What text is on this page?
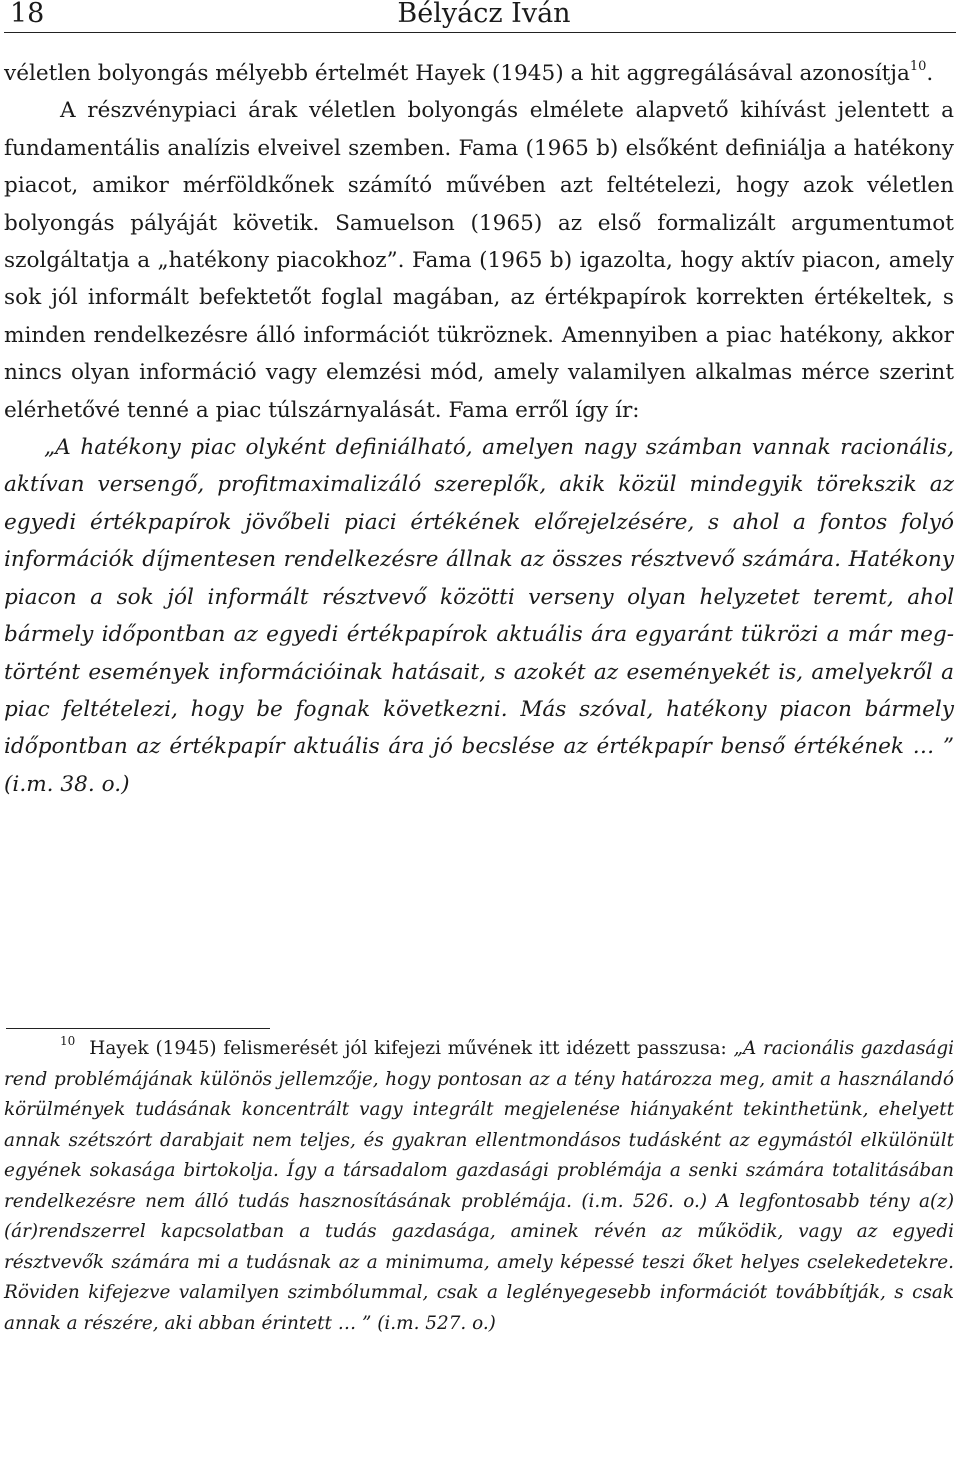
18	Bélyácz Iván

véletlen bolyongás mélyebb értelmét Hayek (1945) a hit aggregálásával azonosítja$^{10}$.

A részvénypiaci árak véletlen bolyongás elmélete alapvető kihívást jelentett a fundamentális analízis elveivel szemben. Fama (1965 b) elsőként definiálja a hatékony piacot, amikor mérföldkőnek számító művében azt feltételezi, hogy azok véletlen bolyongás pályáját követik. Samuelson (1965) az első formalizált argumentumot szolgáltatja a „hatékony piacokhoz”. Fama (1965 b) igazolta, hogy aktív piacon, amely sok jól informált befektetőt foglal magában, az értékpapírok korrekten értékeltek, s minden rendelkezésre álló információt tükröznek. Amennyiben a piac hatékony, akkor nincs olyan információ vagy elemzési mód, amely valamilyen alkalmas mérce szerint elérhetővé tenné a piac túlszárnyalását. Fama erről így ír:

„A hatékony piac olyként definiálható, amelyen nagy számban vannak racionális, aktívan versengő, profitmaximalizáló szereplők, akik közül mindegyik törekszik az egyedi értékpapírok jövőbeli piaci értékének előrejelzésére, s ahol a fontos folyó információk díjmentesen rendelkezésre állnak az összes résztvevő számára. Hatékony piacon a sok jól informált résztvevő közötti verseny olyan helyzetet teremt, ahol bármely időpontban az egyedi értékpapírok aktuális ára egyaránt tükrözi a már megtörtént események információinak hatásait, s azokét az eseményekét is, amelyekről a piac feltételezi, hogy be fognak következni. Más szóval, hatékony piacon bármely időpontban az értékpapír aktuális ára jó becslése az értékpapír benső értékének … ” (i.m. 38. o.)

$^{10}$ Hayek (1945) felismerését jól kifejezi művének itt idézett passzusa: „A racionális gazdasági rend problémájának különös jellemzője, hogy pontosan az a tény határozza meg, amit a használandó körülmények tudásának koncentrált vagy integrált megjelenése hiányaként tekinthetünk, ehelyett annak szétszórt darabjait nem teljes, és gyakran ellentmondásos tudásként az egymástól elkülönült egyének sokasága birtokolja. Így a társadalom gazdasági problémája a senki számára totalitásában rendelkezésre nem álló tudás hasznosításának problémája. (i.m. 526. o.) A legfontosabb tény a(z) (ár)rendszerrel kapcsolatban a tudás gazdasága, aminek révén az működik, vagy az egyedi résztvevők számára mi a tudásnak az a minimuma, amely képessé teszi őket helyes cselekedetekre. Röviden kifejezve valamilyen szimbólummal, csak a leglényegesebb információt továbbítják, s csak annak a részére, aki abban érintett … ” (i.m. 527. o.)
